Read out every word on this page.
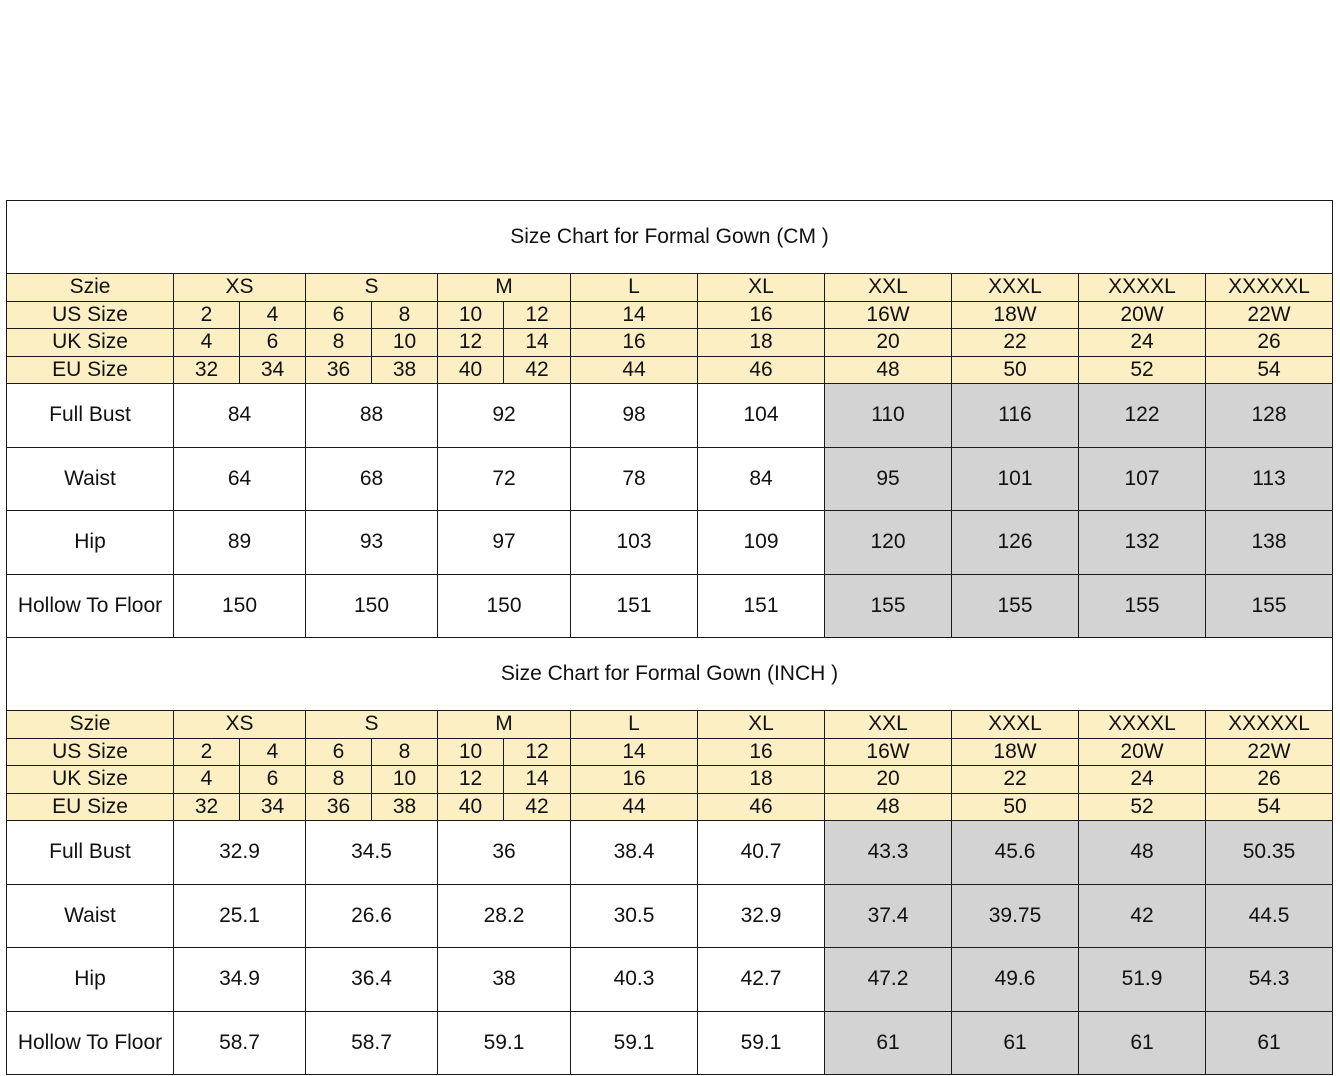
Size Chart for Formal Gown (CM )												
Szie	XS		S		M		L	XL	XXL	XXXL	XXXXL	XXXXXL
US Size	2	4	6	8	10	12	14	16	16W	18W	20W	22W
UK Size	4	6	8	10	12	14	16	18	20	22	24	26
EU Size	32	34	36	38	40	42	44	46	48	50	52	54
Full Bust	84		88		92		98	104	110	116	122	128
Waist	64		68		72		78	84	95	101	107	113
Hip	89		93		97		103	109	120	126	132	138
Hollow To Floor	150		150		150		151	151	155	155	155	155
Size Chart for Formal Gown (INCH )												
Szie	XS		S		M		L	XL	XXL	XXXL	XXXXL	XXXXXL
US Size	2	4	6	8	10	12	14	16	16W	18W	20W	22W
UK Size	4	6	8	10	12	14	16	18	20	22	24	26
EU Size	32	34	36	38	40	42	44	46	48	50	52	54
Full Bust	32.9		34.5		36		38.4	40.7	43.3	45.6	48	50.35
Waist	25.1		26.6		28.2		30.5	32.9	37.4	39.75	42	44.5
Hip	34.9		36.4		38		40.3	42.7	47.2	49.6	51.9	54.3
Hollow To Floor	58.7		58.7		59.1		59.1	59.1	61	61	61	61
